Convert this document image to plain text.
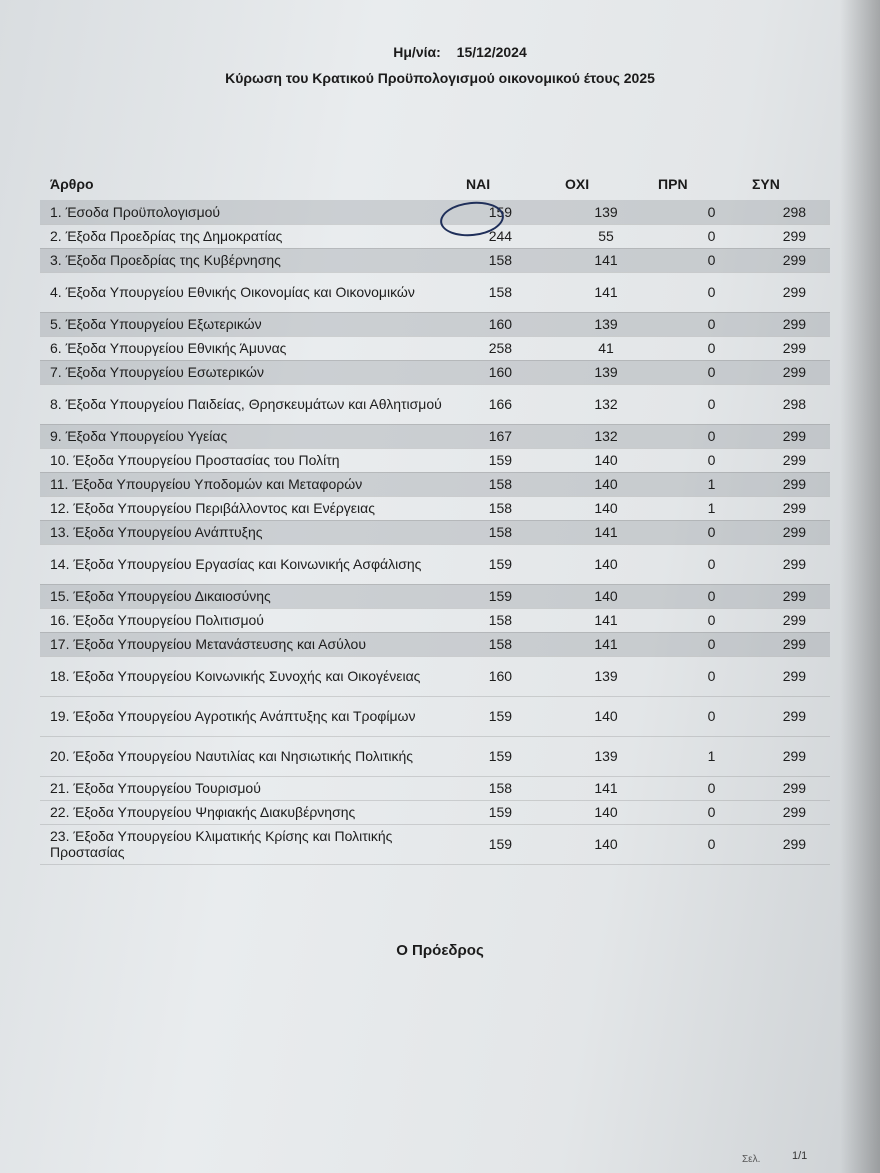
Ημ/νία: 15/12/2024
Κύρωση του Κρατικού Προϋπολογισμού οικονομικού έτους 2025
Άρθρο	ΝΑΙ	ΟΧΙ	ΠΡΝ	ΣΥΝ
1. Έσοδα Προϋπολογισμού	159	139	0	298
2. Έξοδα Προεδρίας της Δημοκρατίας	244	55	0	299
3. Έξοδα Προεδρίας της Κυβέρνησης	158	141	0	299
4. Έξοδα Υπουργείου Εθνικής Οικονομίας και Οικονομικών	158	141	0	299
5. Έξοδα Υπουργείου Εξωτερικών	160	139	0	299
6. Έξοδα Υπουργείου Εθνικής Άμυνας	258	41	0	299
7. Έξοδα Υπουργείου Εσωτερικών	160	139	0	299
8. Έξοδα Υπουργείου Παιδείας, Θρησκευμάτων και Αθλητισμού	166	132	0	298
9. Έξοδα Υπουργείου Υγείας	167	132	0	299
10. Έξοδα Υπουργείου Προστασίας του Πολίτη	159	140	0	299
11. Έξοδα Υπουργείου Υποδομών και Μεταφορών	158	140	1	299
12. Έξοδα Υπουργείου Περιβάλλοντος και Ενέργειας	158	140	1	299
13. Έξοδα Υπουργείου Ανάπτυξης	158	141	0	299
14. Έξοδα Υπουργείου Εργασίας και Κοινωνικής Ασφάλισης	159	140	0	299
15. Έξοδα Υπουργείου Δικαιοσύνης	159	140	0	299
16. Έξοδα Υπουργείου Πολιτισμού	158	141	0	299
17. Έξοδα Υπουργείου Μετανάστευσης και Ασύλου	158	141	0	299
18. Έξοδα Υπουργείου Κοινωνικής Συνοχής και Οικογένειας	160	139	0	299
19. Έξοδα Υπουργείου Αγροτικής Ανάπτυξης και Τροφίμων	159	140	0	299
20. Έξοδα Υπουργείου Ναυτιλίας και Νησιωτικής Πολιτικής	159	139	1	299
21. Έξοδα Υπουργείου Τουρισμού	158	141	0	299
22. Έξοδα Υπουργείου Ψηφιακής Διακυβέρνησης	159	140	0	299
23. Έξοδα Υπουργείου Κλιματικής Κρίσης και Πολιτικής Προστασίας	159	140	0	299
Ο Πρόεδρος
Σελ.	1/1
